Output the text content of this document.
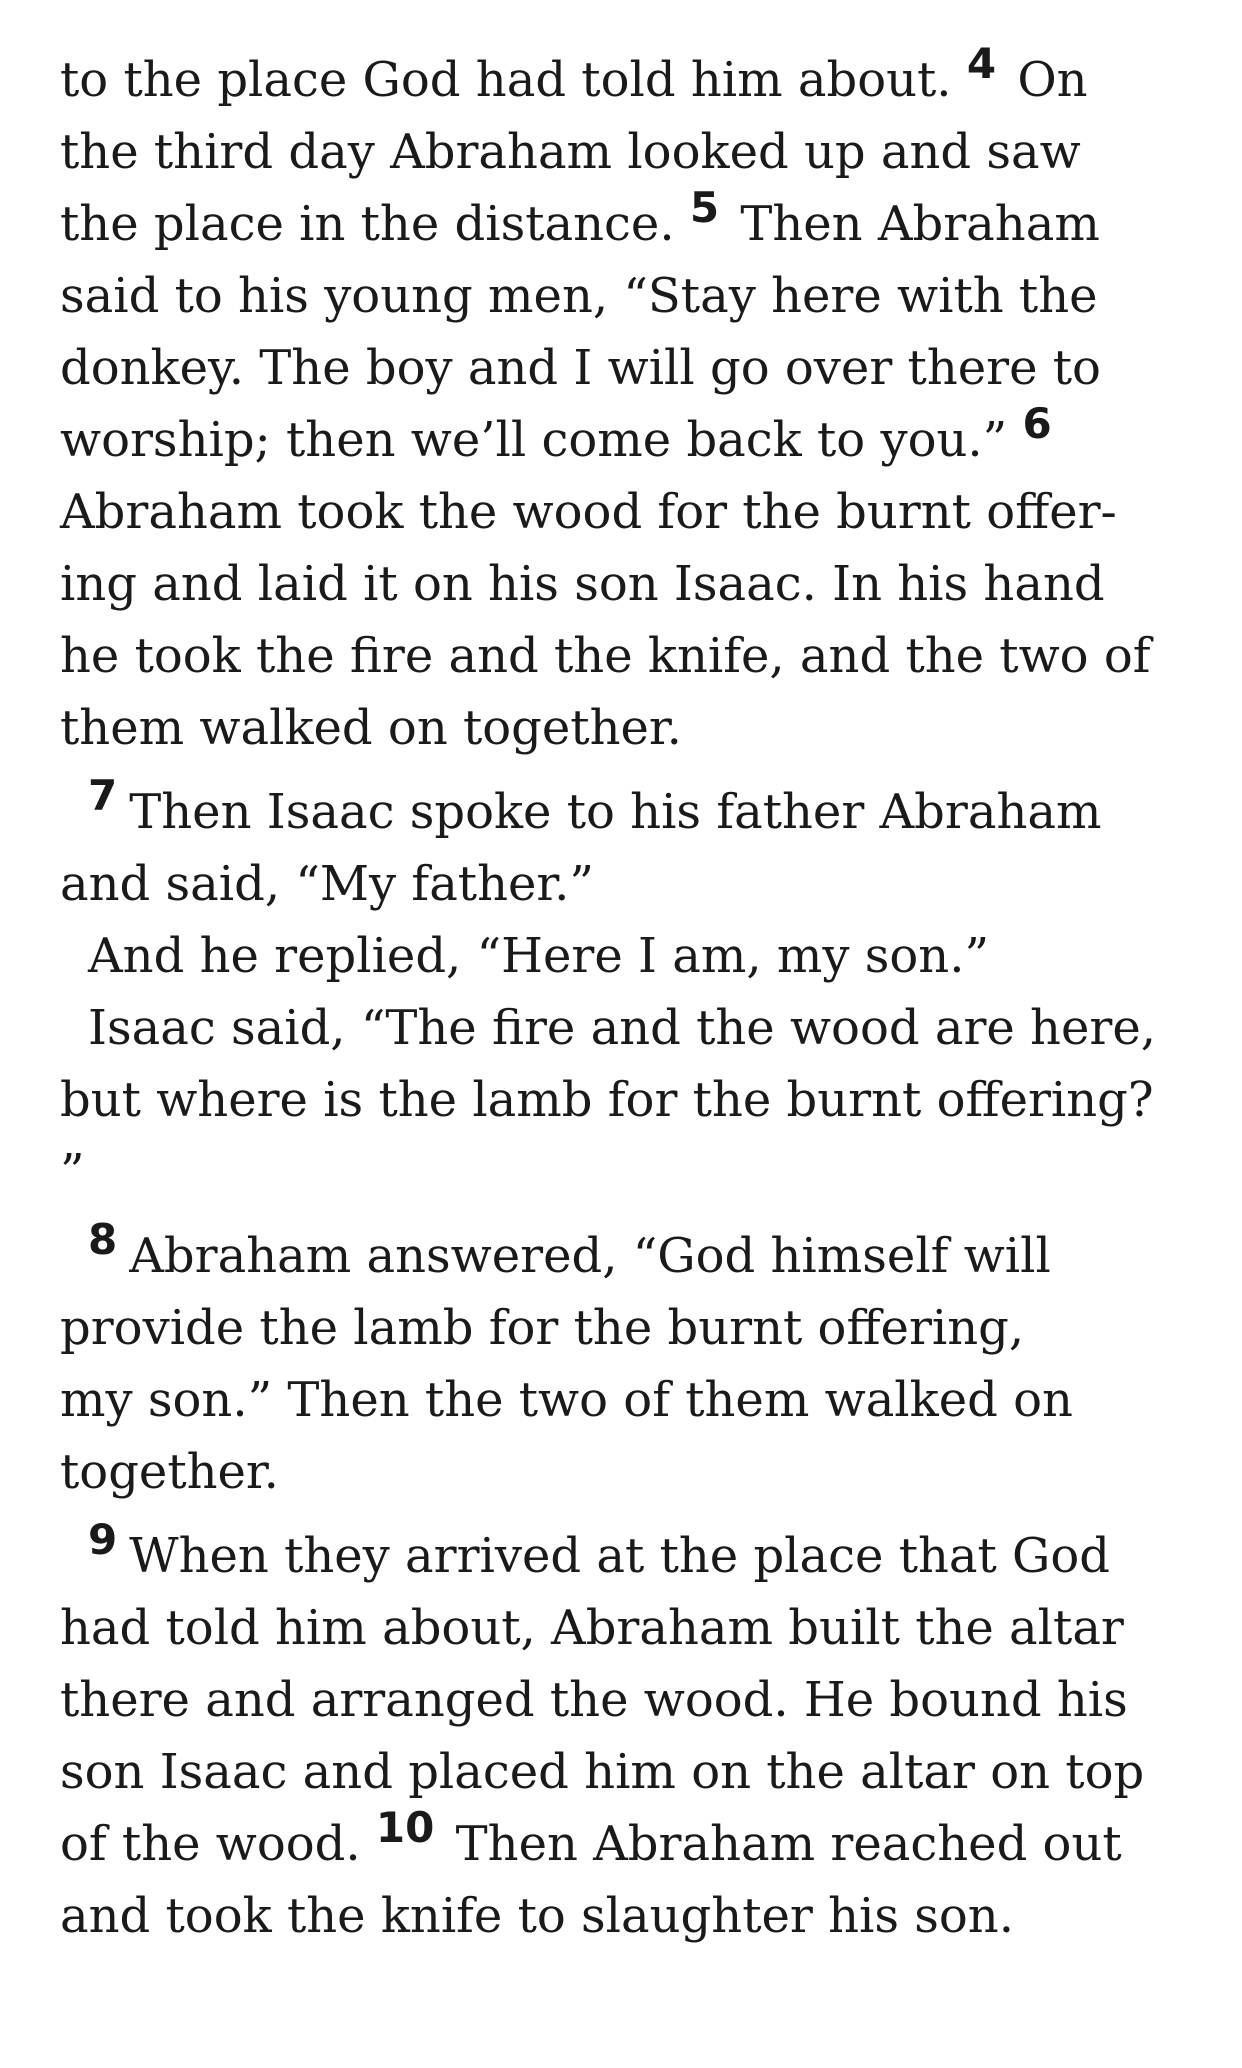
to the place God had told him about. 4 On
the third day Abraham looked up and saw
the place in the distance. 5 Then Abraham
said to his young men, “Stay here with the
donkey. The boy and I will go over there to
worship; then we’ll come back to you.” 6
Abraham took the wood for the burnt offer-
ing and laid it on his son Isaac. In his hand
he took the fire and the knife, and the two of
them walked on together.
7 Then Isaac spoke to his father Abraham
and said, “My father.”
And he replied, “Here I am, my son.”
Isaac said, “The fire and the wood are here,
but where is the lamb for the burnt offering?
”
8 Abraham answered, “God himself will
provide the lamb for the burnt offering,
my son.” Then the two of them walked on
together.
9 When they arrived at the place that God
had told him about, Abraham built the altar
there and arranged the wood. He bound his
son Isaac and placed him on the altar on top
of the wood. 10 Then Abraham reached out
and took the knife to slaughter his son.
